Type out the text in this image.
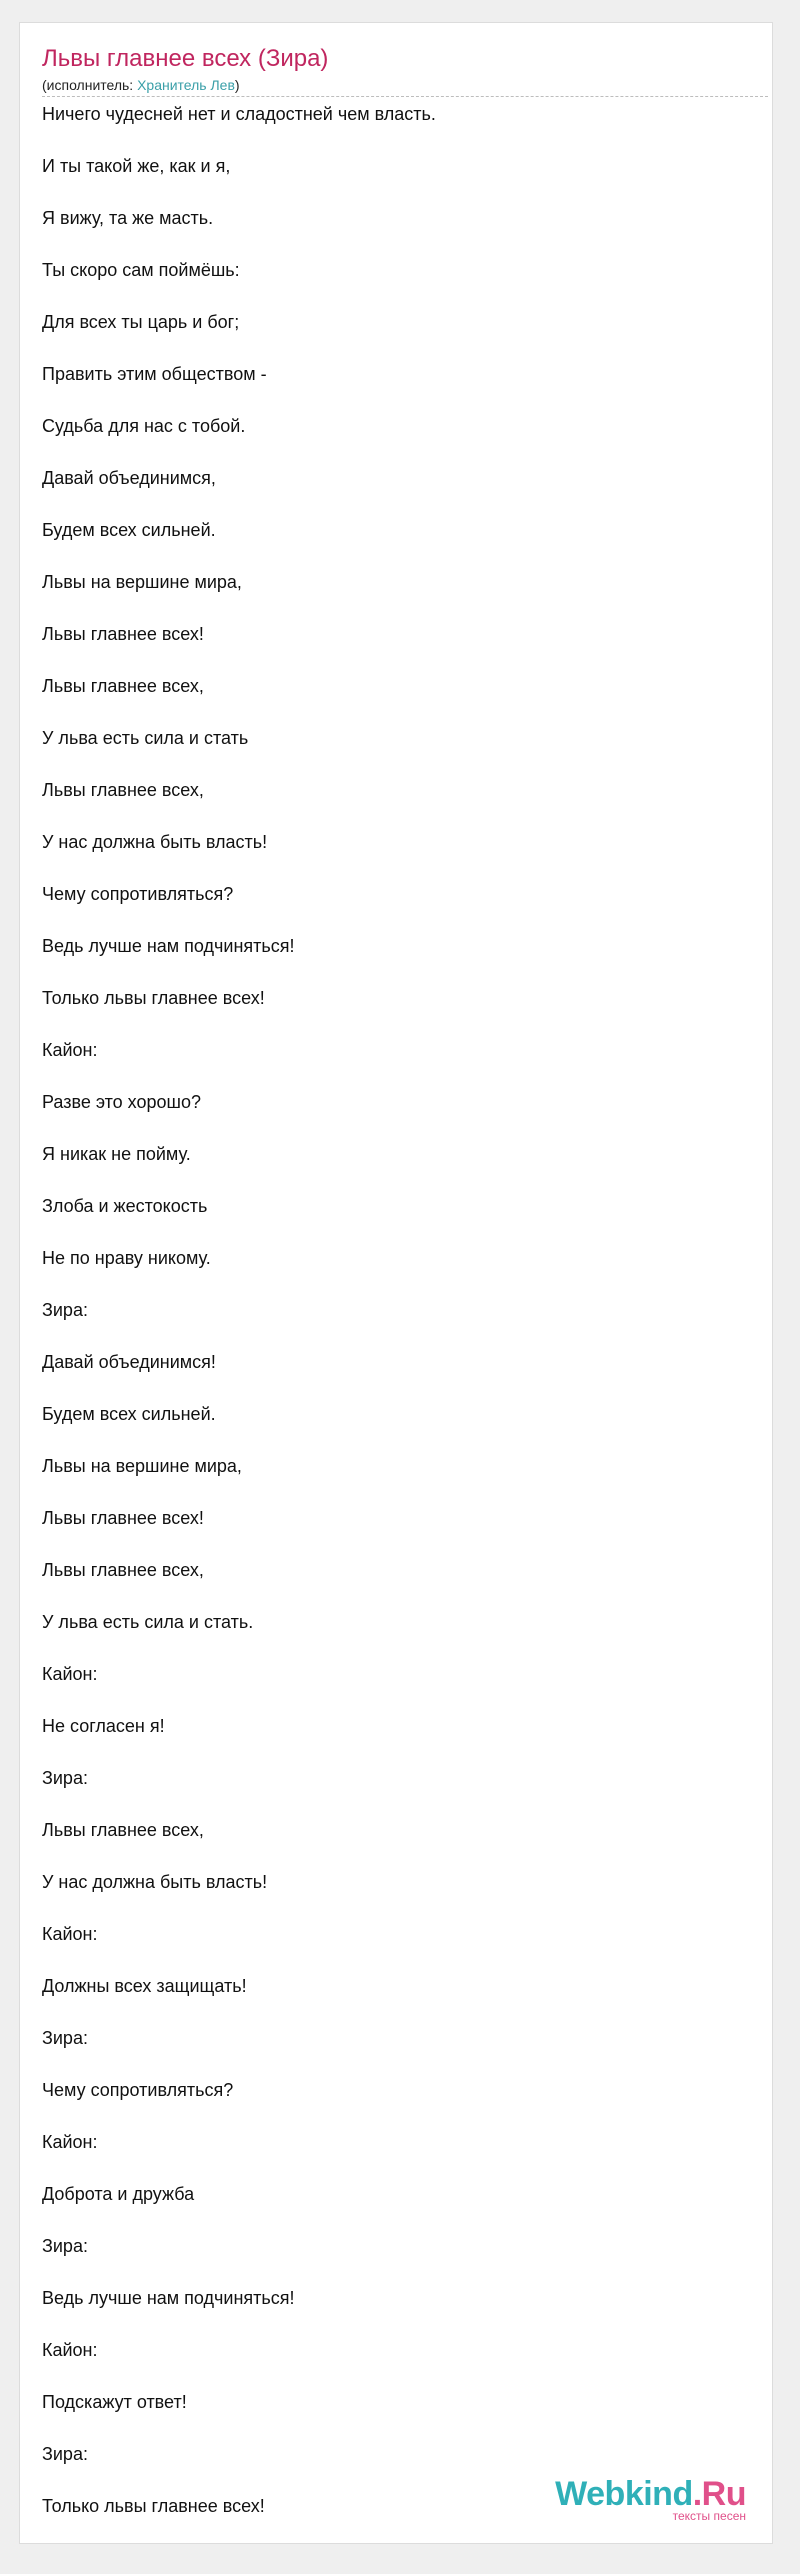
Львы главнее всех (Зира)
(исполнитель: Хранитель Лев)
Ничего чудесней нет и сладостней чем власть.
И ты такой же, как и я,
Я вижу, та же масть.
Ты скоро сам поймёшь:
Для всех ты царь и бог;
Править этим обществом -
Судьба для нас с тобой.
Давай объединимся,
Будем всех сильней.
Львы на вершине мира,
Львы главнее всех!
Львы главнее всех,
У льва есть сила и стать
Львы главнее всех,
У нас должна быть власть!
Чему сопротивляться?
Ведь лучше нам подчиняться!
Только львы главнее всех!
Кайон:
Разве это хорошо?
Я никак не пойму.
Злоба и жестокость
Не по нраву никому.
Зира:
Давай объединимся!
Будем всех сильней.
Львы на вершине мира,
Львы главнее всех!
Львы главнее всех,
У льва есть сила и стать.
Кайон:
Не согласен я!
Зира:
Львы главнее всех,
У нас должна быть власть!
Кайон:
Должны всех защищать!
Зира:
Чему сопротивляться?
Кайон:
Доброта и дружба
Зира:
Ведь лучше нам подчиняться!
Кайон:
Подскажут ответ!
Зира:
Только львы главнее всех!	Webkind.Ru
тексты песен
